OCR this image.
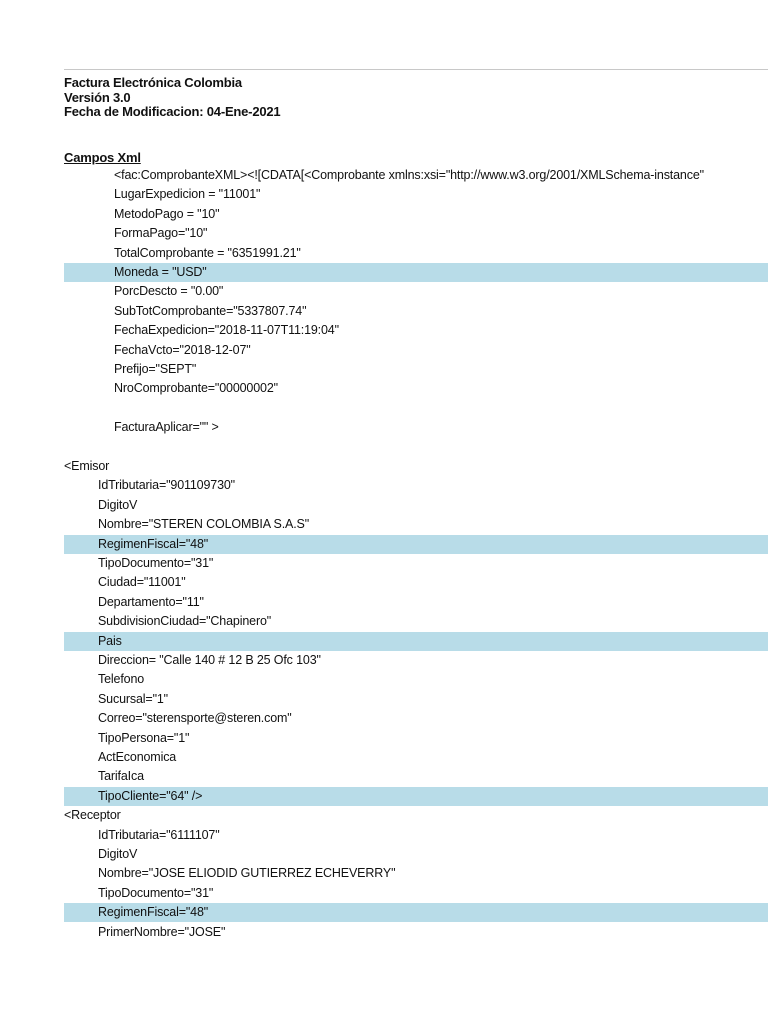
Factura Electrónica Colombia
Versión 3.0
Fecha de Modificacion: 04-Ene-2021
Campos Xml
<fac:ComprobanteXML><![CDATA[<Comprobante xmlns:xsi="http://www.w3.org/2001/XMLSchema-instance"
LugarExpedicion = "11001"
MetodoPago = "10"
FormaPago="10"
TotalComprobante = "6351991.21"
Moneda = "USD"
PorcDescto = "0.00"
SubTotComprobante="5337807.74"
FechaExpedicion="2018-11-07T11:19:04"
FechaVcto="2018-12-07"
Prefijo="SEPT"
NroComprobante="00000002"
FacturaAplicar="" >
<Emisor
IdTributaria="901109730"
DigitoV
Nombre="STEREN COLOMBIA S.A.S"
RegimenFiscal="48"
TipoDocumento="31"
Ciudad="11001"
Departamento="11"
SubdivisionCiudad="Chapinero"
Pais
Direccion= "Calle 140 # 12 B 25 Ofc 103"
Telefono
Sucursal="1"
Correo="sterensporte@steren.com"
TipoPersona="1"
ActEconomica
TarifaIca
TipoCliente="64" />
<Receptor
IdTributaria="6111107"
DigitoV
Nombre="JOSE ELIODID GUTIERREZ ECHEVERRY"
TipoDocumento="31"
RegimenFiscal="48"
PrimerNombre="JOSE"
